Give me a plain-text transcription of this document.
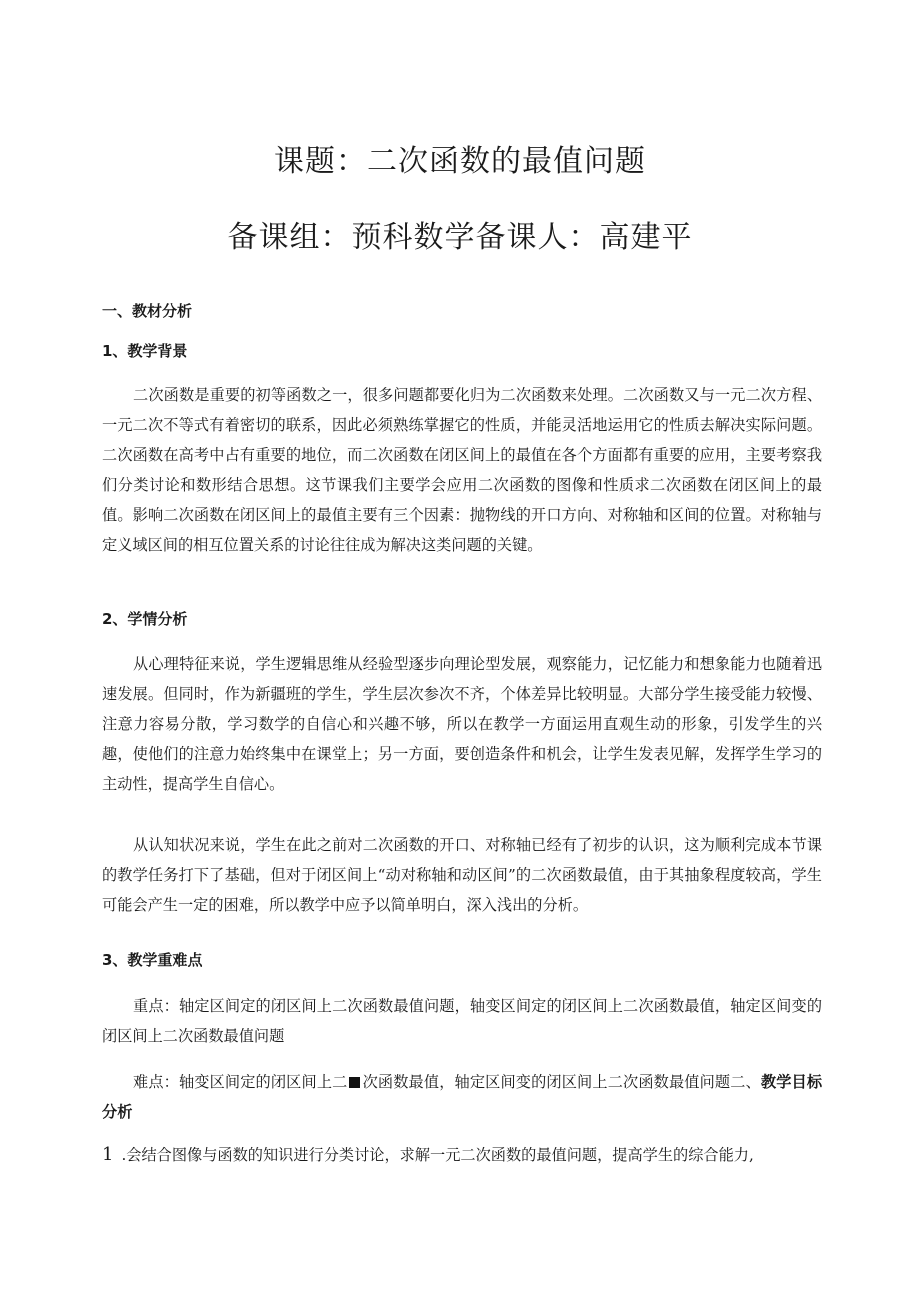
课题：二次函数的最值问题
备课组：预科数学备课人：高建平

一、教材分析

1、教学背景

二次函数是重要的初等函数之一，很多问题都要化归为二次函数来处理。二次函数又与一元二次方程、一元二次不等式有着密切的联系，因此必须熟练掌握它的性质，并能灵活地运用它的性质去解决实际问题。二次函数在高考中占有重要的地位，而二次函数在闭区间上的最值在各个方面都有重要的应用，主要考察我们分类讨论和数形结合思想。这节课我们主要学会应用二次函数的图像和性质求二次函数在闭区间上的最值。影响二次函数在闭区间上的最值主要有三个因素：抛物线的开口方向、对称轴和区间的位置。对称轴与定义域区间的相互位置关系的讨论往往成为解决这类问题的关键。

2、学情分析

从心理特征来说，学生逻辑思维从经验型逐步向理论型发展，观察能力，记忆能力和想象能力也随着迅速发展。但同时，作为新疆班的学生，学生层次参次不齐，个体差异比较明显。大部分学生接受能力较慢、注意力容易分散，学习数学的自信心和兴趣不够，所以在教学一方面运用直观生动的形象，引发学生的兴趣，使他们的注意力始终集中在课堂上；另一方面，要创造条件和机会，让学生发表见解，发挥学生学习的主动性，提高学生自信心。

从认知状况来说，学生在此之前对二次函数的开口、对称轴已经有了初步的认识，这为顺利完成本节课的教学任务打下了基础，但对于闭区间上“动对称轴和动区间”的二次函数最值，由于其抽象程度较高，学生可能会产生一定的困难，所以教学中应予以简单明白，深入浅出的分析。

3、教学重难点

重点：轴定区间定的闭区间上二次函数最值问题，轴变区间定的闭区间上二次函数最值，轴定区间变的闭区间上二次函数最值问题

难点：轴变区间定的闭区间上二 次函数最值，轴定区间变的闭区间上二次函数最值问题二、教学目标分析

1 .会结合图像与函数的知识进行分类讨论，求解一元二次函数的最值问题，提高学生的综合能力,
